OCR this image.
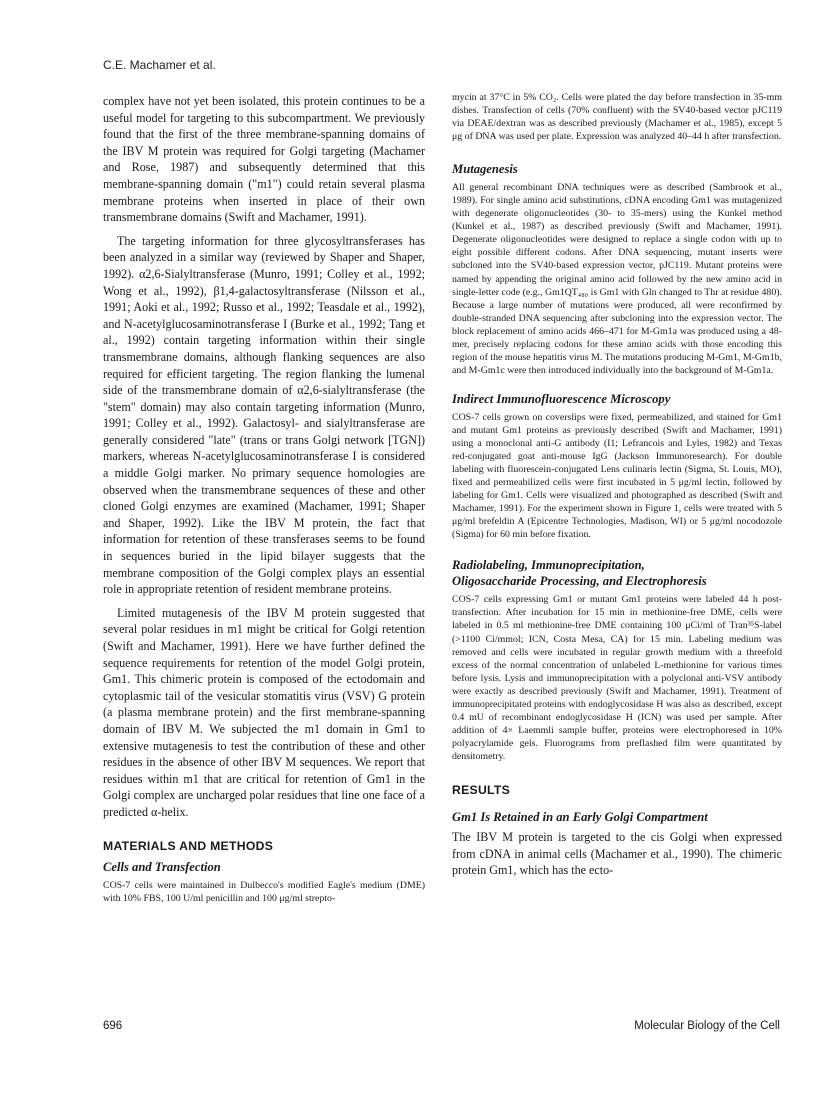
C.E. Machamer et al.

complex have not yet been isolated, this protein continues to be a useful model for targeting to this subcompartment. We previously found that the first of the three membrane-spanning domains of the IBV M protein was required for Golgi targeting (Machamer and Rose, 1987) and subsequently determined that this membrane-spanning domain ("m1") could retain several plasma membrane proteins when inserted in place of their own transmembrane domains (Swift and Machamer, 1991).

The targeting information for three glycosyltransferases has been analyzed in a similar way (reviewed by Shaper and Shaper, 1992). α2,6-Sialyltransferase (Munro, 1991; Colley et al., 1992; Wong et al., 1992), β1,4-galactosyltransferase (Nilsson et al., 1991; Aoki et al., 1992; Russo et al., 1992; Teasdale et al., 1992), and N-acetylglucosaminotransferase I (Burke et al., 1992; Tang et al., 1992) contain targeting information within their single transmembrane domains, although flanking sequences are also required for efficient targeting. The region flanking the lumenal side of the transmembrane domain of α2,6-sialyltransferase (the "stem" domain) may also contain targeting information (Munro, 1991; Colley et al., 1992). Galactosyl- and sialyltransferase are generally considered "late" (trans or trans Golgi network [TGN]) markers, whereas N-acetylglucosaminotransferase I is considered a middle Golgi marker. No primary sequence homologies are observed when the transmembrane sequences of these and other cloned Golgi enzymes are examined (Machamer, 1991; Shaper and Shaper, 1992). Like the IBV M protein, the fact that information for retention of these transferases seems to be found in sequences buried in the lipid bilayer suggests that the membrane composition of the Golgi complex plays an essential role in appropriate retention of resident membrane proteins.

Limited mutagenesis of the IBV M protein suggested that several polar residues in m1 might be critical for Golgi retention (Swift and Machamer, 1991). Here we have further defined the sequence requirements for retention of the model Golgi protein, Gm1. This chimeric protein is composed of the ectodomain and cytoplasmic tail of the vesicular stomatitis virus (VSV) G protein (a plasma membrane protein) and the first membrane-spanning domain of IBV M. We subjected the m1 domain in Gm1 to extensive mutagenesis to test the contribution of these and other residues in the absence of other IBV M sequences. We report that residues within m1 that are critical for retention of Gm1 in the Golgi complex are uncharged polar residues that line one face of a predicted α-helix.

MATERIALS AND METHODS

Cells and Transfection

COS-7 cells were maintained in Dulbecco's modified Eagle's medium (DME) with 10% FBS, 100 U/ml penicillin and 100 μg/ml strepto-

mycin at 37°C in 5% CO₂. Cells were plated the day before transfection in 35-mm dishes. Transfection of cells (70% confluent) with the SV40-based vector pJC119 via DEAE/dextran was as described previously (Machamer et al., 1985), except 5 μg of DNA was used per plate. Expression was analyzed 40–44 h after transfection.

Mutagenesis

All general recombinant DNA techniques were as described (Sambrook et al., 1989). For single amino acid substitutions, cDNA encoding Gm1 was mutagenized with degenerate oligonucleotides (30- to 35-mers) using the Kunkel method (Kunkel et al., 1987) as described previously (Swift and Machamer, 1991). Degenerate oligonucleotides were designed to replace a single codon with up to eight possible different codons. After DNA sequencing, mutant inserts were subcloned into the SV40-based expression vector, pJC119. Mutant proteins were named by appending the original amino acid followed by the new amino acid in single-letter code (e.g., Gm1QT₄₈₀ is Gm1 with Gln changed to Thr at residue 480). Because a large number of mutations were produced, all were reconfirmed by double-stranded DNA sequencing after subcloning into the expression vector. The block replacement of amino acids 466–471 for M-Gm1a was produced using a 48-mer, precisely replacing codons for these amino acids with those encoding this region of the mouse hepatitis virus M. The mutations producing M-Gm1, M-Gm1b, and M-Gm1c were then introduced individually into the background of M-Gm1a.

Indirect Immunofluorescence Microscopy

COS-7 cells grown on coverslips were fixed, permeabilized, and stained for Gm1 and mutant Gm1 proteins as previously described (Swift and Machamer, 1991) using a monoclonal anti-G antibody (I1; Lefrancois and Lyles, 1982) and Texas red-conjugated goat anti-mouse IgG (Jackson Immunoresearch). For double labeling with fluorescein-conjugated Lens culinaris lectin (Sigma, St. Louis, MO), fixed and permeabilized cells were first incubated in 5 μg/ml lectin, followed by labeling for Gm1. Cells were visualized and photographed as described (Swift and Machamer, 1991). For the experiment shown in Figure 1, cells were treated with 5 μg/ml brefeldin A (Epicentre Technologies, Madison, WI) or 5 μg/ml nocodozole (Sigma) for 60 min before fixation.

Radiolabeling, Immunoprecipitation,

Oligosaccharide Processing, and Electrophoresis

COS-7 cells expressing Gm1 or mutant Gm1 proteins were labeled 44 h post-transfection. After incubation for 15 min in methionine-free DME, cells were labeled in 0.5 ml methionine-free DME containing 100 μCi/ml of Tran³⁵S-label (>1100 Ci/mmol; ICN, Costa Mesa, CA) for 15 min. Labeling medium was removed and cells were incubated in regular growth medium with a threefold excess of the normal concentration of unlabeled L-methionine for various times before lysis. Lysis and immunoprecipitation with a polyclonal anti-VSV antibody were exactly as described previously (Swift and Machamer, 1991). Treatment of immunoprecipitated proteins with endoglycosidase H was also as described, except 0.4 mU of recombinant endoglycosidase H (ICN) was used per sample. After addition of 4× Laemmli sample buffer, proteins were electrophoresed in 10% polyacrylamide gels. Fluorograms from preflashed film were quantitated by densitometry.

RESULTS

Gm1 Is Retained in an Early Golgi Compartment

The IBV M protein is targeted to the cis Golgi when expressed from cDNA in animal cells (Machamer et al., 1990). The chimeric protein Gm1, which has the ecto-

696	Molecular Biology of the Cell
